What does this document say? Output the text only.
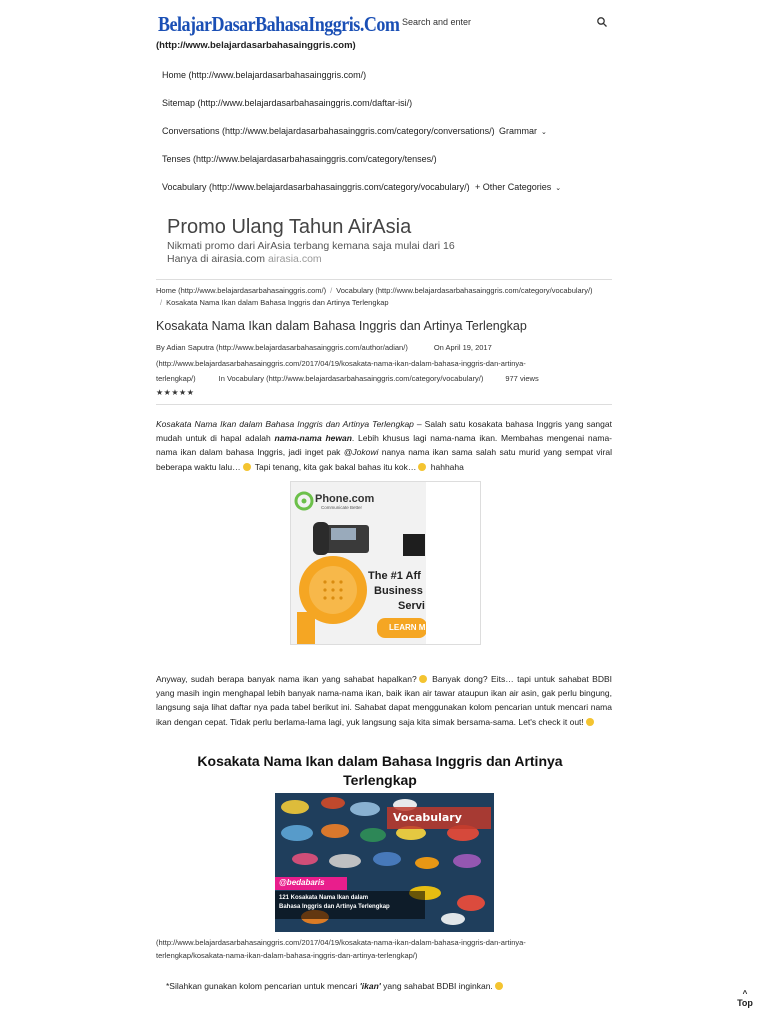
BelajarDasarBahasaInggris.Com
(http://www.belajardasarbahasainggris.com)
Search and enter
Home (http://www.belajardasarbahasainggris.com/)
Sitemap (http://www.belajardasarbahasainggris.com/daftar-isi/)
Conversations (http://www.belajardasarbahasainggris.com/category/conversations/) Grammar ⌄
Tenses (http://www.belajardasarbahasainggris.com/category/tenses/)
Vocabulary (http://www.belajardasarbahasainggris.com/category/vocabulary/) + Other Categories ⌄
Promo Ulang Tahun AirAsia
Nikmati promo dari AirAsia terbang kemana saja mulai dari 16
Hanya di airasia.com airasia.com
Home (http://www.belajardasarbahasainggris.com/) / Vocabulary (http://www.belajardasarbahasainggris.com/category/vocabulary/)
/ Kosakata Nama Ikan dalam Bahasa Inggris dan Artinya Terlengkap
Kosakata Nama Ikan dalam Bahasa Inggris dan Artinya Terlengkap
By Adian Saputra (http://www.belajardasarbahasainggris.com/author/adian/)	On April 19, 2017
(http://www.belajardasarbahasainggris.com/2017/04/19/kosakata-nama-ikan-dalam-bahasa-inggris-dan-artinya-
terlengkap/)	In Vocabulary (http://www.belajardasarbahasainggris.com/category/vocabulary/)	977 views
★★★★★
Kosakata Nama Ikan dalam Bahasa Inggris dan Artinya Terlengkap – Salah satu kosakata bahasa Inggris yang sangat mudah untuk di hapal adalah nama-nama hewan. Lebih khusus lagi nama-nama ikan. Membahas mengenai nama-nama ikan dalam bahasa Inggris, jadi inget pak @Jokowi nanya nama ikan sama salah satu murid yang sempat viral beberapa waktu lalu… Tapi tenang, kita gak bakal bahas itu kok… hahhaha
Phone.com
Communicate Better
The #1 Aff
Business
Servi
LEARN M
Anyway, sudah berapa banyak nama ikan yang sahabat hapalkan? Banyak dong? Eits… tapi untuk sahabat BDBI yang masih ingin menghapal lebih banyak nama-nama ikan, baik ikan air tawar ataupun ikan air asin, gak perlu bingung, langsung saja lihat daftar nya pada tabel berikut ini. Sahabat dapat menggunakan kolom pencarian untuk mencari nama ikan dengan cepat. Tidak perlu berlama-lama lagi, yuk langsung saja kita simak bersama-sama. Let's check it out!
Kosakata Nama Ikan dalam Bahasa Inggris dan Artinya Terlengkap
Vocabulary
@bedabaris
121 Kosakata Nama Ikan dalam
Bahasa Inggris dan Artinya Terlengkap
(http://www.belajardasarbahasainggris.com/2017/04/19/kosakata-nama-ikan-dalam-bahasa-inggris-dan-artinya-
terlengkap/kosakata-nama-ikan-dalam-bahasa-inggris-dan-artinya-terlengkap/)
*Silahkan gunakan kolom pencarian untuk mencari 'ikan' yang sahabat BDBI inginkan.
^
Top
